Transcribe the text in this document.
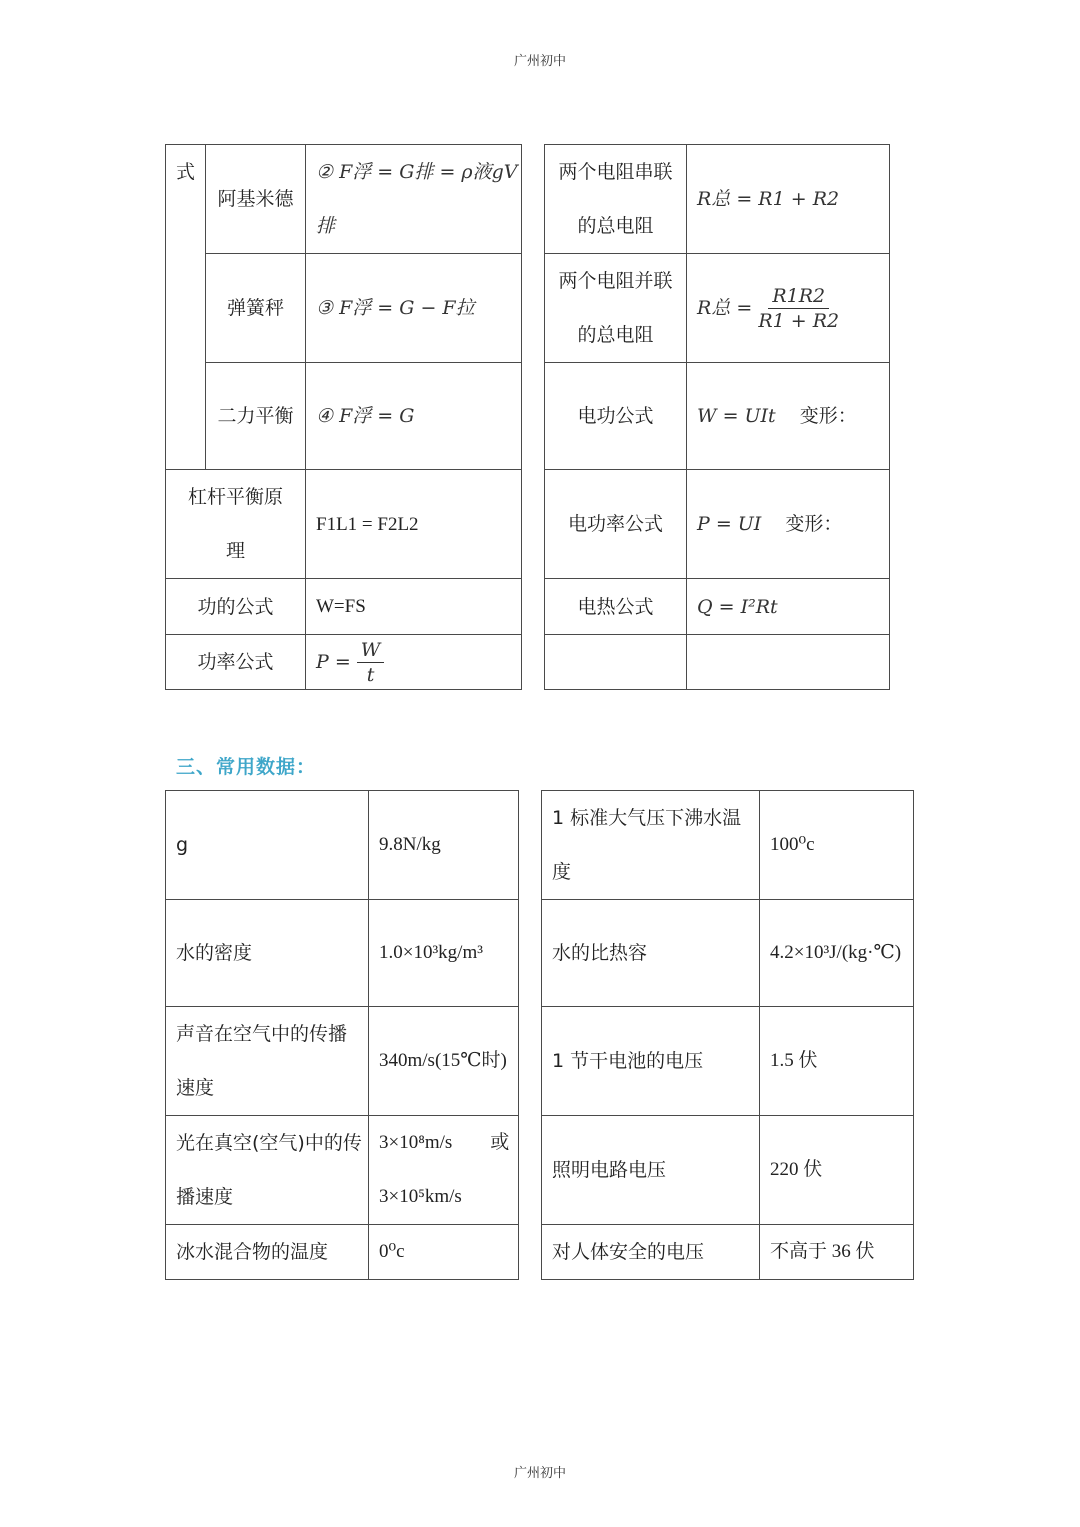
广州初中
式	阿基米德	② F浮 = G排 = ρ液gV排		两个电阻串联的总电阻	R总 = R1 + R2
	弹簧秤	③ F浮 = G − F拉		两个电阻并联的总电阻	R总 = $\frac{R1R2}{R1 + R2}$

	二力平衡	④ F浮 = G		电功公式	W = UIt 变形：
杠杆平衡原理		F1L1 = F2L2		电功率公式	P = UI 变形：
功的公式		W=FS		电热公式	Q = I²Rt
功率公式		$P = \frac{W}{t}$

三、常用数据：
g	9.8N/kg		1 标准大气压下沸水温度	100⁰c
水的密度	1.0×10³kg/m³		水的比热容	4.2×10³J/(kg·℃)
声音在空气中的传播速度	340m/s(15℃时)		1 节干电池的电压	1.5 伏
光在真空(空气)中的传播速度	3×10⁸m/s　　或　3×10⁵km/s		照明电路电压	220 伏
冰水混合物的温度	0⁰c		对人体安全的电压	不高于 36 伏
广州初中
